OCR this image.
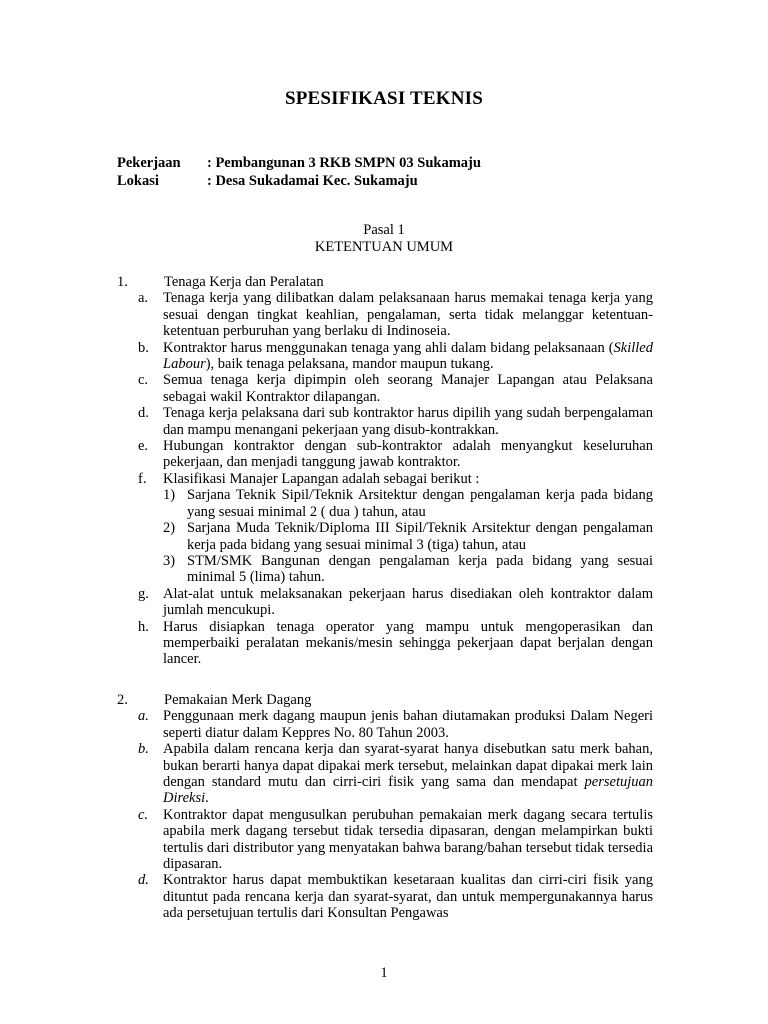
SPESIFIKASI TEKNIS
Pekerjaan	: Pembangunan 3 RKB SMPN 03 Sukamaju
Lokasi	: Desa Sukadamai Kec. Sukamaju
Pasal 1
KETENTUAN UMUM
1.	Tenaga Kerja dan Peralatan
a.	Tenaga kerja yang dilibatkan dalam pelaksanaan harus memakai tenaga kerja yang sesuai dengan tingkat keahlian, pengalaman, serta tidak melanggar ketentuan-ketentuan perburuhan yang berlaku di Indinoseia.
b. Kontraktor harus menggunakan tenaga yang ahli dalam bidang pelaksanaan (Skilled Labour), baik tenaga pelaksana, mandor maupun tukang.
c.	Semua tenaga kerja dipimpin oleh seorang Manajer Lapangan atau Pelaksana sebagai wakil Kontraktor dilapangan.
d. Tenaga kerja pelaksana dari sub kontraktor harus dipilih yang sudah berpengalaman dan mampu menangani pekerjaan yang disub-kontrakkan.
e.	Hubungan kontraktor dengan sub-kontraktor adalah menyangkut keseluruhan pekerjaan, dan menjadi tanggung jawab kontraktor.
f.	Klasifikasi Manajer Lapangan adalah sebagai berikut :
1) Sarjana Teknik Sipil/Teknik Arsitektur dengan pengalaman kerja pada bidang yang sesuai minimal 2 ( dua ) tahun, atau
2) Sarjana Muda Teknik/Diploma III Sipil/Teknik Arsitektur dengan pengalaman kerja pada bidang yang sesuai minimal 3 (tiga) tahun, atau
3) STM/SMK Bangunan dengan pengalaman kerja pada bidang yang sesuai minimal 5 (lima) tahun.
g. Alat-alat untuk melaksanakan pekerjaan harus disediakan oleh kontraktor dalam jumlah mencukupi.
h. Harus disiapkan tenaga operator yang mampu untuk mengoperasikan dan memperbaiki peralatan mekanis/mesin sehingga pekerjaan dapat berjalan dengan lancer.
2.	Pemakaian Merk Dagang
a. Penggunaan merk dagang maupun jenis bahan diutamakan produksi Dalam Negeri seperti diatur dalam Keppres No. 80 Tahun 2003.
b. Apabila dalam rencana kerja dan syarat-syarat hanya disebutkan satu merk bahan, bukan berarti hanya dapat dipakai merk tersebut, melainkan dapat dipakai merk lain dengan standard mutu dan cirri-ciri fisik yang sama dan mendapat persetujuan Direksi.
c.	Kontraktor dapat mengusulkan perubuhan pemakaian merk dagang secara tertulis apabila merk dagang tersebut tidak tersedia dipasaran, dengan melampirkan bukti tertulis dari distributor yang menyatakan bahwa barang/bahan tersebut tidak tersedia dipasaran.
d. Kontraktor harus dapat membuktikan kesetaraan kualitas dan cirri-ciri fisik yang dituntut pada rencana kerja dan syarat-syarat, dan untuk mempergunakannya harus ada persetujuan tertulis dari Konsultan Pengawas
1
